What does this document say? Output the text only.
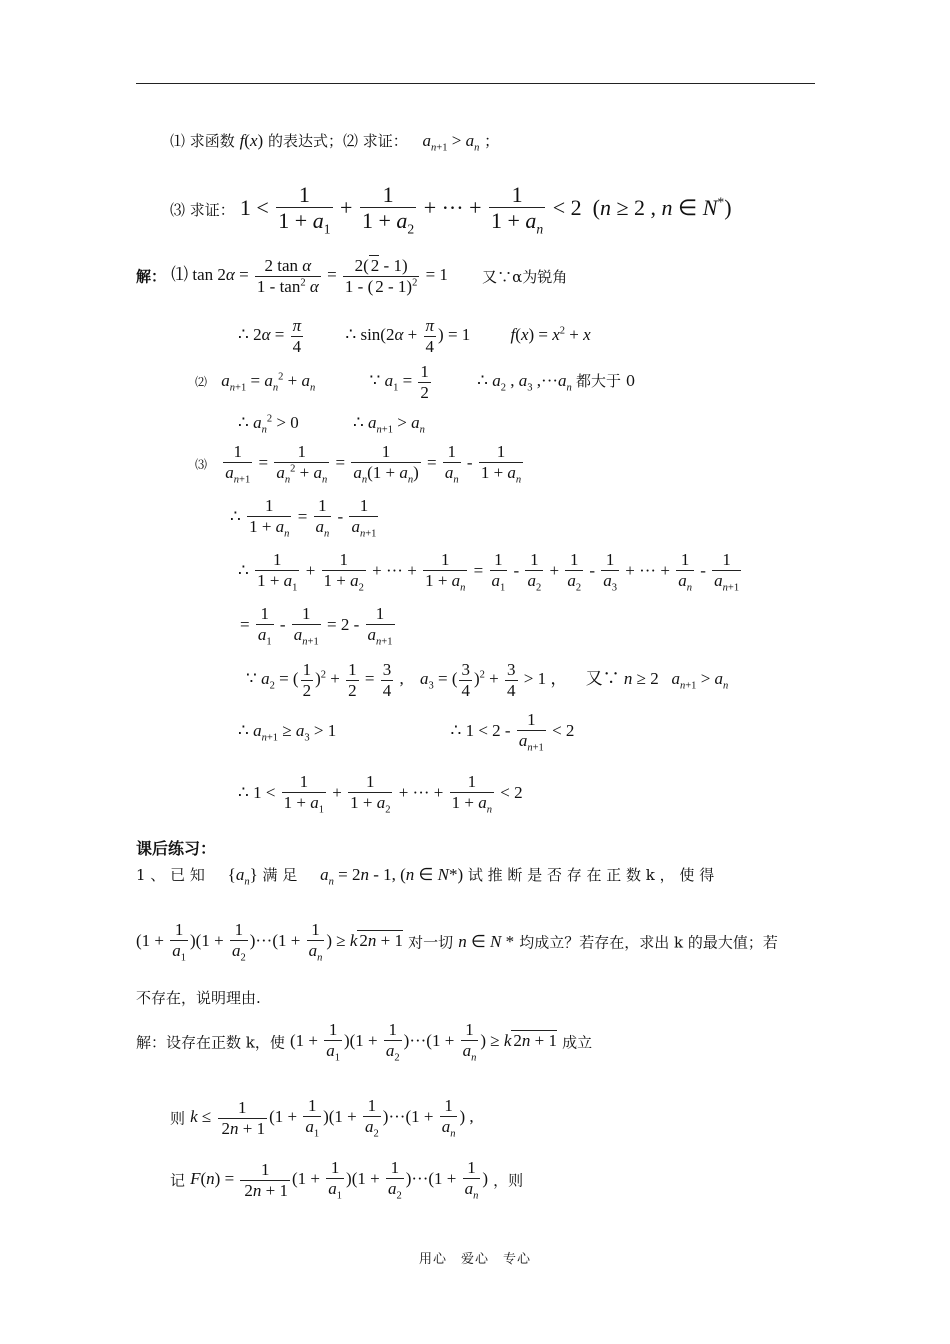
⑴ 求函数 f(x) 的表达式；⑵ 求证： $a_{n+1} > a_n$ ；
⑶ 求证： $1 < \frac{1}{1 + a_1} + \frac{1}{1 + a_2}$ + ··· + $\frac{1}{1 + a_n} < 2$  (n ≥ 2 , n ∈ N*)
解： ⑴ $\tan 2\alpha = \frac{\text{2 tan α}}{1 - \tan^2 \alpha} = \frac{2( 2 - 1)}{1 - ( 2 - 1)^2} = 1$ 又∵α为锐角
∴ $2\alpha = \frac{\pi}{4}$ ∴ $\sin(2\alpha + \frac{\pi}{4}$ ) = 1 $f(x) = x^2 + x$
⑵ $a_{n+1} = a_n^2 + a_n$	∵ $a_1 = \frac{1}{2}$	∴ $a_2$ , $a_3$ $,\cdot\cdot\cdot a_n$ 都大于 0
∴ $a_n^2 > 0$	∴ $a_{n+1} > a_n$
⑶ $\frac{1}{a_{n+1}} = \frac{1}{a_n^2 + a_n} = \frac{1}{a_n(1 + a_n)} = \frac{1}{a_n} - \frac{1}{1 + a_n}$
∴ $\frac{1}{1 + a_n} = \frac{1}{a_n} - \frac{1}{a_{n+1}}$
∴ $\frac{1}{1 + a_1} + \frac{1}{1 + a_2}$ + ··· + $\frac{1}{1 + a_n} = \frac{1}{a_1} - \frac{1}{a_2} + \frac{1}{a_2} - \frac{1}{a_3}$ + ··· + $\frac{1}{a_n} - \frac{1}{a_{n+1}}$
= $\frac{1}{a_1} - \frac{1}{a_{n+1}} = 2 - \frac{1}{a_{n+1}}$
∵ $a_2$ = ( $\frac{1}{2} )^2 + \frac{1}{2} = \frac{3}{4}$ , $a_3$ = ( $\frac{3}{4} )^2 + \frac{3}{4} > 1$ ， 又∵ n ≥ 2   $a_{n+1} > a_n$
∴ $a_{n+1} \ge a_3 > 1$	∴ $1 < 2 - \frac{1}{a_{n+1}} < 2$
∴ $1 < \frac{1}{1 + a_1} + \frac{1}{1 + a_2}$ + ··· + $\frac{1}{1 + a_n} < 2$
课后练习：
1 、 已 知 $\{a_n\}$ 满 足 $a_n = 2n - 1$, (n ∈ N*) 试 推 断 是 否 存 在 正 数 k ， 使 得
$(1 + \frac{1}{a_1} )(1 + \frac{1}{a_2} )\cdot\cdot\cdot(1 + \frac{1}{a_n}$ ) ≥ k 2n + 1 对一切 n ∈ N * 均成立？若存在，求出 k 的最大值；若
不存在，说明理由.
解：设存在正数 k，使 $(1 + \frac{1}{a_1} )(1 + \frac{1}{a_2} )\cdot\cdot\cdot(1 + \frac{1}{a_n}$ ) ≥ k 2n + 1 成立
则 $k \le \frac{1}{2n + 1} (1 + \frac{1}{a_1} )(1 + \frac{1}{a_2} )\cdot\cdot\cdot(1 + \frac{1}{a_n}$ ) ,
记 $F(n) = \frac{1}{2n + 1} (1 + \frac{1}{a_1} )(1 + \frac{1}{a_2} )\cdot\cdot\cdot(1 + \frac{1}{a_n}$ ) ，则
用心　爱心　专心
